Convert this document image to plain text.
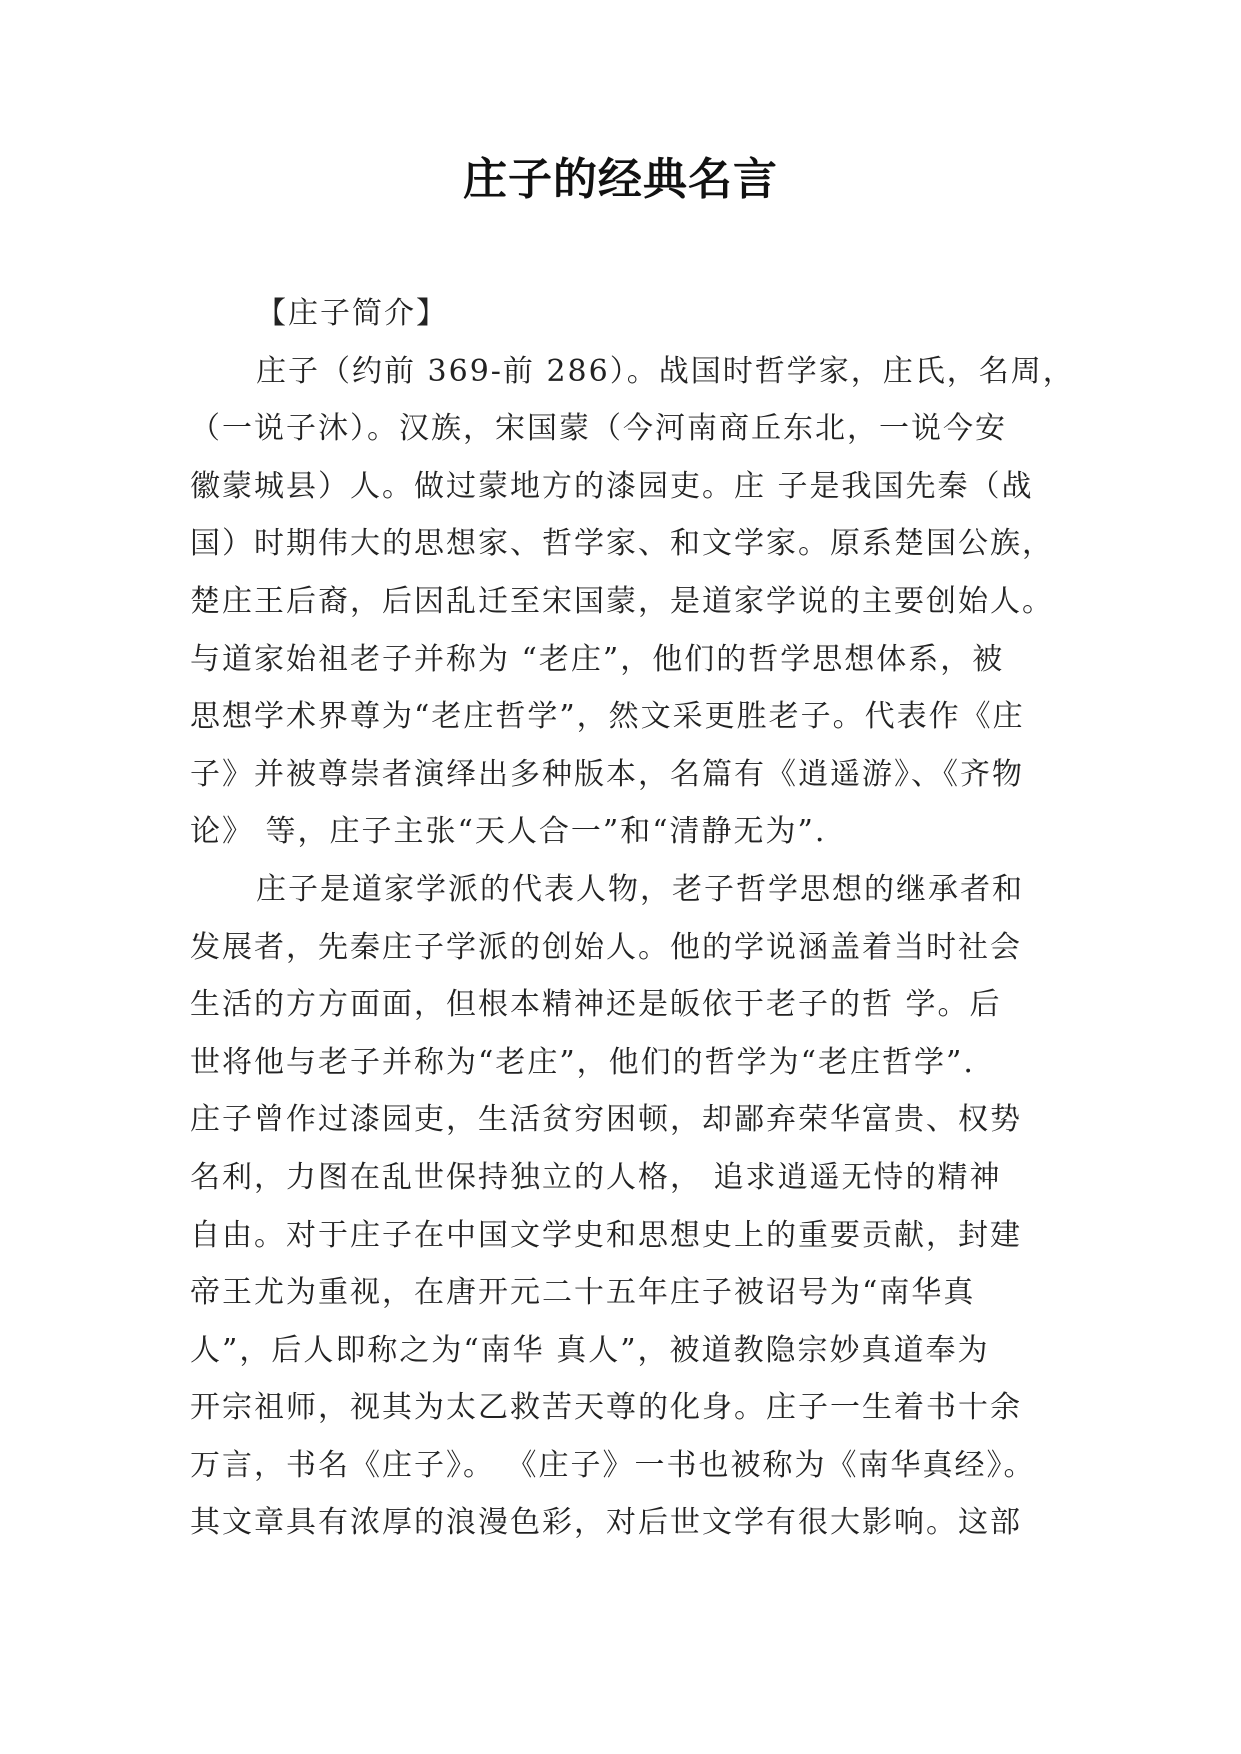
庄子的经典名言
【庄子简介】
庄子（约前 369-前 286）。战国时哲学家，庄氏，名周，
（一说子沐）。汉族，宋国蒙（今河南商丘东北，一说今安
徽蒙城县）人。做过蒙地方的漆园吏。庄 子是我国先秦（战
国）时期伟大的思想家、哲学家、和文学家。原系楚国公族，
楚庄王后裔，后因乱迁至宋国蒙，是道家学说的主要创始人。
与道家始祖老子并称为 “老庄”，他们的哲学思想体系，被
思想学术界尊为“老庄哲学”，然文采更胜老子。代表作《庄
子》并被尊崇者演绎出多种版本，名篇有《逍遥游》、《齐物
论》 等，庄子主张“天人合一”和“清静无为”.
庄子是道家学派的代表人物，老子哲学思想的继承者和
发展者，先秦庄子学派的创始人。他的学说涵盖着当时社会
生活的方方面面，但根本精神还是皈依于老子的哲 学。后
世将他与老子并称为“老庄”，他们的哲学为“老庄哲学”.
庄子曾作过漆园吏，生活贫穷困顿，却鄙弃荣华富贵、权势
名利，力图在乱世保持独立的人格， 追求逍遥无恃的精神
自由。对于庄子在中国文学史和思想史上的重要贡献，封建
帝王尤为重视，在唐开元二十五年庄子被诏号为“南华真
人”，后人即称之为“南华 真人”，被道教隐宗妙真道奉为
开宗祖师，视其为太乙救苦天尊的化身。庄子一生着书十余
万言，书名《庄子》。 《庄子》一书也被称为《南华真经》。
其文章具有浓厚的浪漫色彩，对后世文学有很大影响。这部
